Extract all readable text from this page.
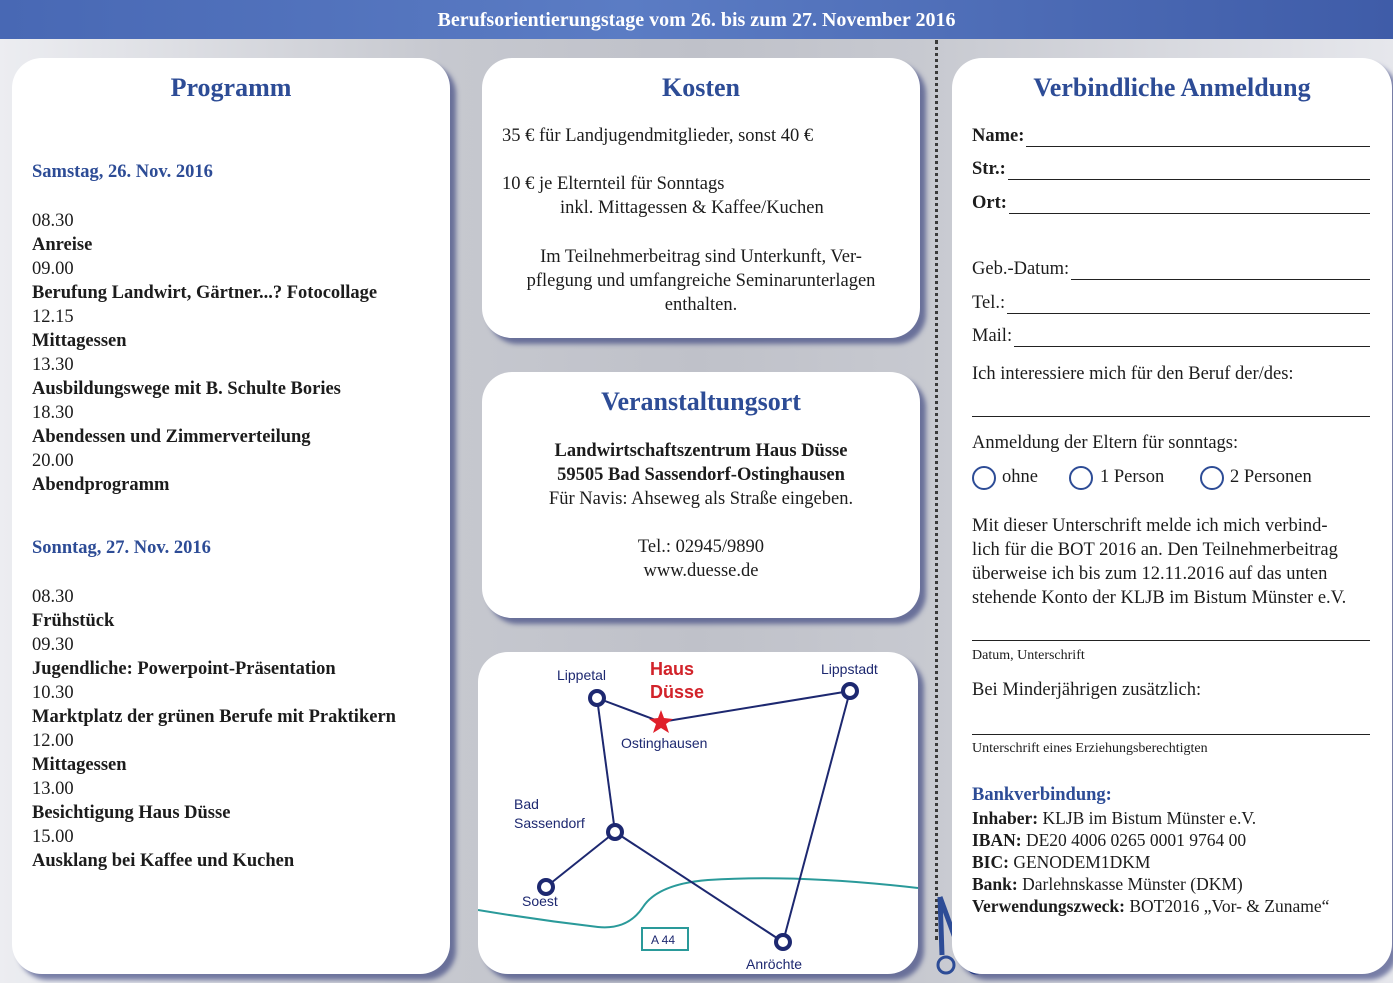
Berufsorientierungstage vom 26. bis zum 27. November 2016
Programm
Samstag, 26. Nov. 2016
08.30
Anreise
09.00
Berufung Landwirt, Gärtner...? Fotocollage
12.15
Mittagessen
13.30
Ausbildungswege mit B. Schulte Bories
18.30
Abendessen und Zimmerverteilung
20.00
Abendprogramm
Sonntag, 27. Nov. 2016
08.30
Frühstück
09.30
Jugendliche: Powerpoint-Präsentation
10.30
Marktplatz der grünen Berufe mit Praktikern
12.00
Mittagessen
13.00
Besichtigung Haus Düsse
15.00
Ausklang bei Kaffee und Kuchen
Kosten
35 € für Landjugendmitglieder, sonst 40 €
10 € je Elternteil für Sonntags
inkl. Mittagessen & Kaffee/Kuchen
Im Teilnehmerbeitrag sind Unterkunft, Ver-
pflegung und umfangreiche Seminarunterlagen
enthalten.
Veranstaltungsort
Landwirtschaftszentrum Haus Düsse
59505 Bad Sassendorf-Ostinghausen
Für Navis: Ahseweg als Straße eingeben.
Tel.: 02945/9890
www.duesse.de
A 44
Lippetal	Lippstadt
Haus
Düsse
Ostinghausen
Bad
Sassendorf
Soest
Anröchte
Verbindliche Anmeldung
Name:
Str.:
Ort:
Geb.-Datum:
Tel.:
Mail:
Ich interessiere mich für den Beruf der/des:
Anmeldung der Eltern für sonntags:
ohne	1 Person	2 Personen
Mit dieser Unterschrift melde ich mich verbind-
lich für die BOT 2016 an. Den Teilnehmerbeitrag
überweise ich bis zum 12.11.2016 auf das unten
stehende Konto der KLJB im Bistum Münster e.V.
Datum, Unterschrift
Bei Minderjährigen zusätzlich:
Unterschrift eines Erziehungsberechtigten
Bankverbindung:
Inhaber: KLJB im Bistum Münster e.V.
IBAN: DE20 4006 0265 0001 9764 00
BIC: GENODEM1DKM
Bank: Darlehnskasse Münster (DKM)
Verwendungszweck: BOT2016 „Vor- & Zuname“
